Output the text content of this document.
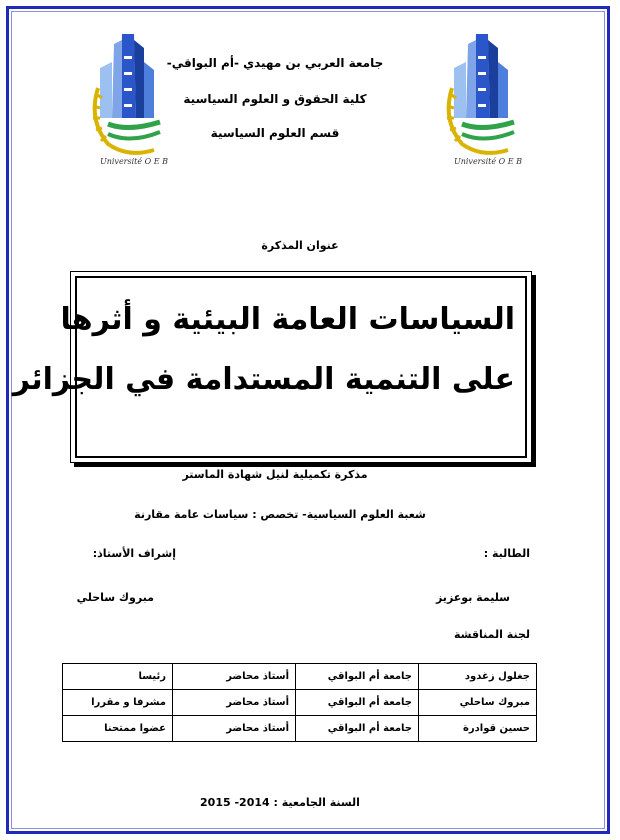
Université O E B	Université O E B
جامعة العربي بن مهيدي -أم البواقي-
كلية الحقوق و العلوم السياسية
قسم العلوم السياسية
عنوان المذكرة
السياسات العامة البيئية و أثرها
على التنمية المستدامة في الجزائر
مذكرة تكميلية لنيل شهادة الماستر
شعبة العلوم السياسية- تخصص : سياسات عامة مقارنة
الطالبة :
إشراف الأستاذ:
سليمة بوعزيز
مبروك ساحلي
لجنة المناقشة
جغلول زغدود	جامعة أم البواقي	أستاذ محاضر	رئيسا
مبروك ساحلي	جامعة أم البواقي	أستاذ محاضر	مشرفا و مقررا
حسين قوادرة	جامعة أم البواقي	أستاذ محاضر	عضوا ممتحنا
السنة الجامعية : 2014- 2015
